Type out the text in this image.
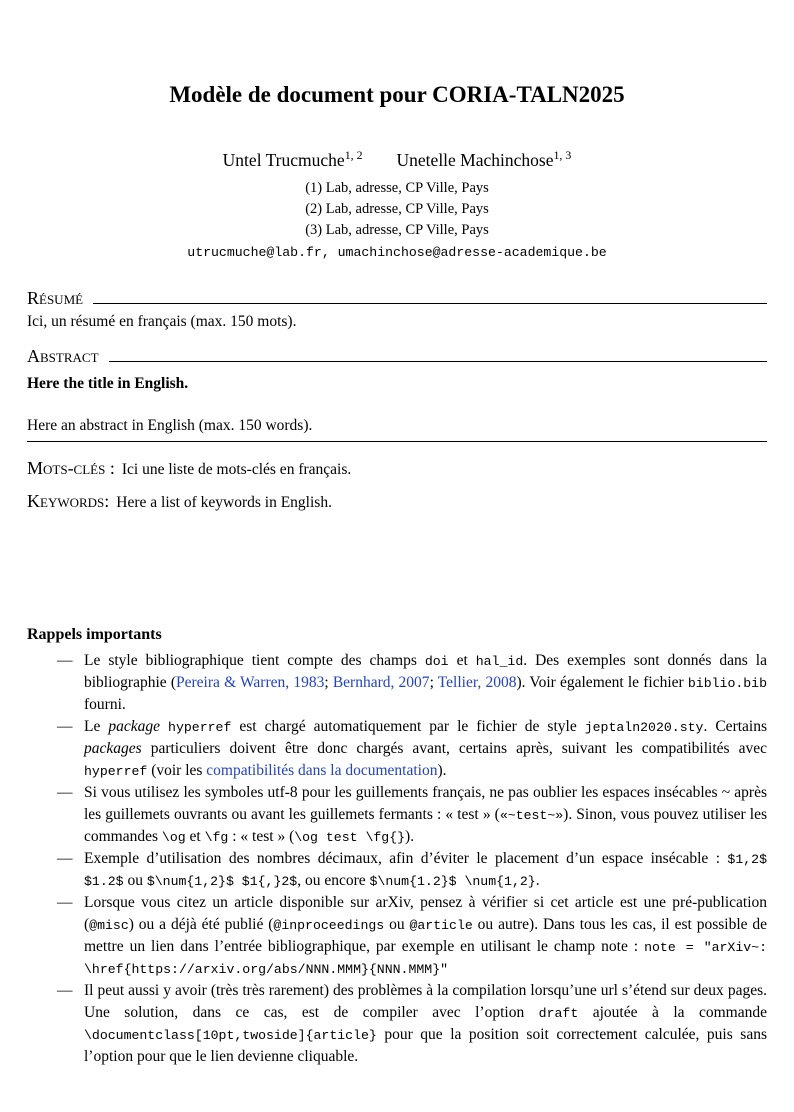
Modèle de document pour CORIA-TALN2025
Untel Trucmuche$^{1, 2}$ Unetelle Machinchose$^{1, 3}$
(1) Lab, adresse, CP Ville, Pays
(2) Lab, adresse, CP Ville, Pays
(3) Lab, adresse, CP Ville, Pays
utrucmuche@lab.fr, umachinchose@adresse-academique.be
Résumé

Ici, un résumé en français (max. 150 mots).

Abstract

Here the title in English.

Here an abstract in English (max. 150 words).

Mots-clés : Ici une liste de mots-clés en français.

Keywords: Here a list of keywords in English.

Rappels importants
— Le style bibliographique tient compte des champs doi et hal_id. Des exemples sont donnés dans la bibliographie (Pereira & Warren, 1983; Bernhard, 2007; Tellier, 2008). Voir également le fichier biblio.bib fourni.
— Le package hyperref est chargé automatiquement par le fichier de style jeptaln2020.sty. Certains packages particuliers doivent être donc chargés avant, certains après, suivant les compatibilités avec hyperref (voir les compatibilités dans la documentation).
— Si vous utilisez les symboles utf-8 pour les guillements français, ne pas oublier les espaces insécables ~ après les guillemets ouvrants ou avant les guillemets fermants : « test » («~test~»). Sinon, vous pouvez utiliser les commandes \og et \fg : « test » (\og test \fg{}).
— Exemple d’utilisation des nombres décimaux, afin d’éviter le placement d’un espace insécable : $1,2$ $1.2$ ou $\num{1,2}$ $1{,}2$, ou encore $\num{1.2}$ \num{1,2}.
— Lorsque vous citez un article disponible sur arXiv, pensez à vérifier si cet article est une pré-publication (@misc) ou a déjà été publié (@inproceedings ou @article ou autre). Dans tous les cas, il est possible de mettre un lien dans l’entrée bibliographique, par exemple en utilisant le champ note : note = "arXiv~: \href{https://arxiv.org/abs/NNN.MMM}{NNN.MMM}"
— Il peut aussi y avoir (très très rarement) des problèmes à la compilation lorsqu’une url s’étend sur deux pages. Une solution, dans ce cas, est de compiler avec l’option draft ajoutée à la commande \documentclass[10pt,twoside]{article} pour que la position soit correctement calculée, puis sans l’option pour que le lien devienne cliquable.
